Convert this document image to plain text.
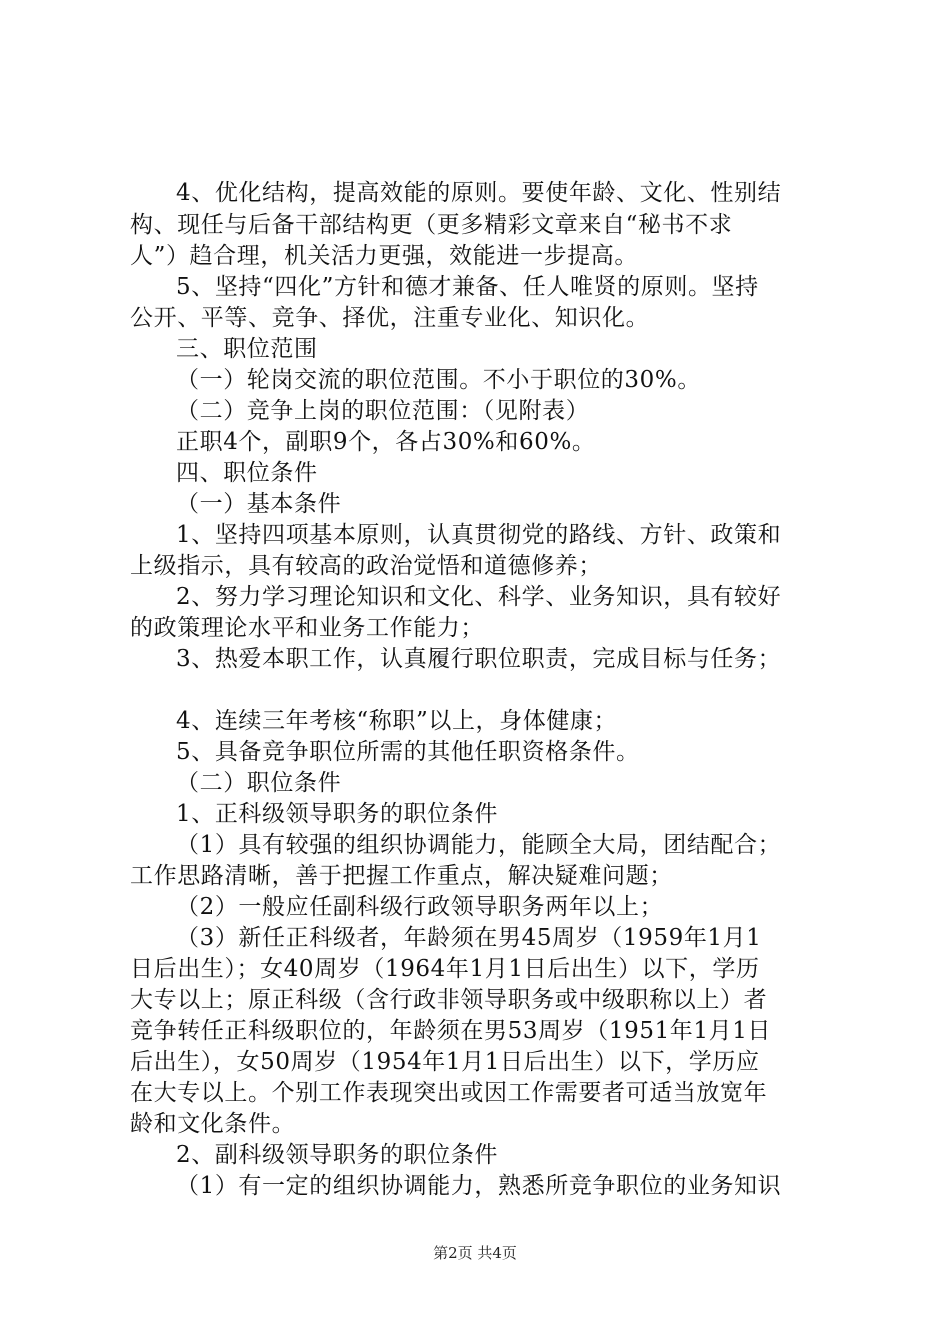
4、优化结构，提高效能的原则。要使年龄、文化、性别结
构、现任与后备干部结构更（更多精彩文章来自“秘书不求
人”）趋合理，机关活力更强，效能进一步提高。
5、坚持“四化”方针和德才兼备、任人唯贤的原则。坚持
公开、平等、竞争、择优，注重专业化、知识化。
三、职位范围
（一）轮岗交流的职位范围。不小于职位的30%。
（二）竞争上岗的职位范围：（见附表）
正职4个，副职9个，各占30%和60%。
四、职位条件
（一）基本条件
1、坚持四项基本原则，认真贯彻党的路线、方针、政策和
上级指示，具有较高的政治觉悟和道德修养；
2、努力学习理论知识和文化、科学、业务知识，具有较好
的政策理论水平和业务工作能力；
3、热爱本职工作，认真履行职位职责，完成目标与任务；
4、连续三年考核“称职”以上，身体健康；
5、具备竞争职位所需的其他任职资格条件。
（二）职位条件
1、正科级领导职务的职位条件
（1）具有较强的组织协调能力，能顾全大局，团结配合；
工作思路清晰，善于把握工作重点，解决疑难问题；
（2）一般应任副科级行政领导职务两年以上；
（3）新任正科级者，年龄须在男45周岁（1959年1月1
日后出生）；女40周岁（1964年1月1日后出生）以下，学历
大专以上；原正科级（含行政非领导职务或中级职称以上）者
竞争转任正科级职位的，年龄须在男53周岁（1951年1月1日
后出生），女50周岁（1954年1月1日后出生）以下，学历应
在大专以上。个别工作表现突出或因工作需要者可适当放宽年
龄和文化条件。
2、副科级领导职务的职位条件
（1）有一定的组织协调能力，熟悉所竞争职位的业务知识
第2页 共4页
